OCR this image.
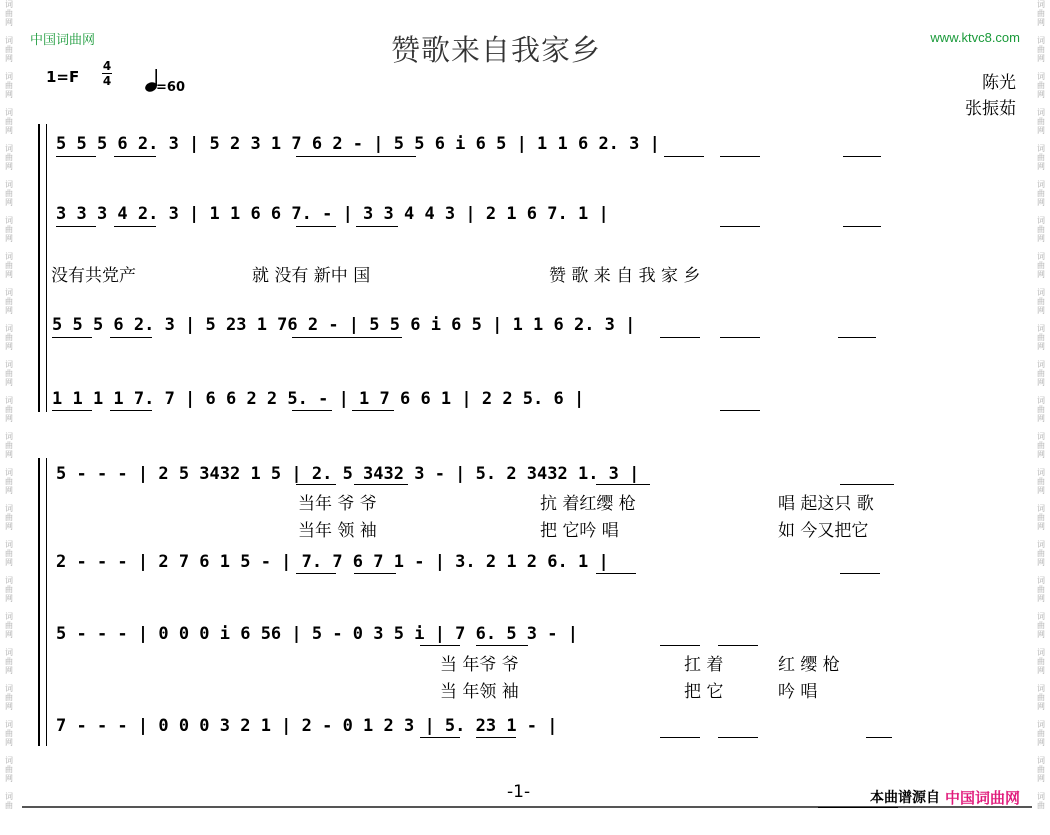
词
曲
网
词
曲
网
词
曲
网
词
曲
网
词
曲
网
词
曲
网
词
曲
网
词
曲
网
词
曲
网
词
曲
网
词
曲
网
词
曲
网
词
曲
网
词
曲
网
词
曲
网
词
曲
网
词
曲
网
词
曲
网
词
曲
网
词
曲
网
词
曲
网
词
曲
网
词
曲
词
曲
网
词
曲
网
词
曲
网
词
曲
网
词
曲
网
词
曲
网
词
曲
网
词
曲
网
词
曲
网
词
曲
网
词
曲
网
词
曲
网
词
曲
网
词
曲
网
词
曲
网
词
曲
网
词
曲
网
词
曲
网
词
曲
网
词
曲
网
词
曲
网
词
曲
网
词
曲
中国词曲网	www.ktvc8.com
赞歌来自我家乡
1=F
4
4	=60	陈光
张振茹
5 5 5 6 2. 3 | 5 2 3 1 7 6 2 - | 5 5 6 i 6 5 | 1 1 6 2. 3 |
3 3 3 4 2. 3 | 1 1 6 6 7. - | 3 3 4 4 3 | 2 1 6 7. 1 |
没有共党产	就 没有 新中 国	赞 歌 来 自 我 家 乡
5 5 5 6 2. 3 | 5 23 1 76 2 - | 5 5 6 i 6 5 | 1 1 6 2. 3 |
1 1 1 1 7. 7 | 6 6 2 2 5. - | 1 7 6 6 1 | 2 2 5. 6 |
5 - - - | 2 5 3432 1 5 | 2. 5 3432 3 - | 5. 2 3432 1. 3 |
当年 爷 爷	抗 着红缨 枪	唱 起这只 歌
当年 领 袖	把 它吟 唱	如 今又把它
2 - - - | 2 7 6 1 5 - | 7. 7 6 7 1 - | 3. 2 1 2 6. 1 |
5 - - - | 0 0 0 i 6 56 | 5 - 0 3 5 i | 7 6. 5 3 - |
当 年爷 爷	扛 着	红 缨 枪
当 年领 袖	把 它	吟 唱
7 - - - | 0 0 0 3 2 1 | 2 - 0 1 2 3 | 5. 23 1 - |
-1-	本曲谱源自 中国词曲网
